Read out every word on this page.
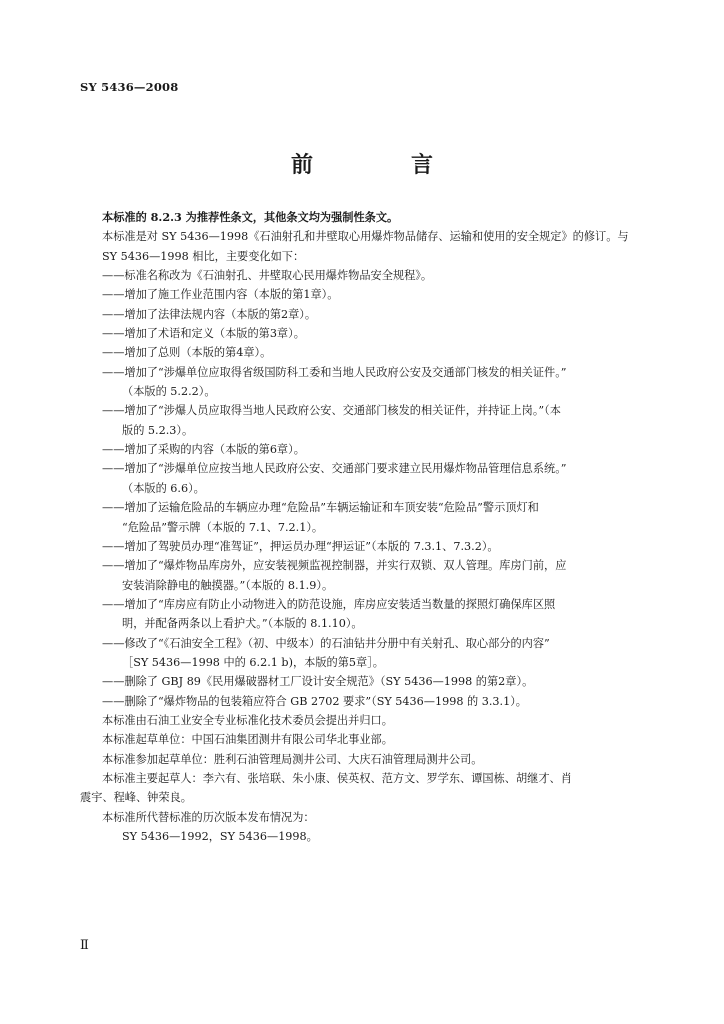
SY 5436—2008
前　言

本标准的 8.2.3 为推荐性条文，其他条文均为强制性条文。

本标准是对 SY 5436—1998《石油射孔和井壁取心用爆炸物品储存、运输和使用的安全规定》的修订。与 SY 5436—1998 相比，主要变化如下：

——标准名称改为《石油射孔、井壁取心民用爆炸物品安全规程》。

——增加了施工作业范围内容（本版的第1章）。

——增加了法律法规内容（本版的第2章）。

——增加了术语和定义（本版的第3章）。

——增加了总则（本版的第4章）。

——增加了“涉爆单位应取得省级国防科工委和当地人民政府公安及交通部门核发的相关证件。”

（本版的 5.2.2）。

——增加了“涉爆人员应取得当地人民政府公安、交通部门核发的相关证件，并持证上岗。”（本

版的 5.2.3）。

——增加了采购的内容（本版的第6章）。

——增加了“涉爆单位应按当地人民政府公安、交通部门要求建立民用爆炸物品管理信息系统。”

（本版的 6.6）。

——增加了运输危险品的车辆应办理“危险品”车辆运输证和车顶安装“危险品”警示顶灯和

“危险品”警示牌（本版的 7.1、7.2.1）。

——增加了驾驶员办理“准驾证”，押运员办理“押运证”（本版的 7.3.1、7.3.2）。

——增加了“爆炸物品库房外，应安装视频监视控制器，并实行双锁、双人管理。库房门前，应

安装消除静电的触摸器。”（本版的 8.1.9）。

——增加了“库房应有防止小动物进入的防范设施，库房应安装适当数量的探照灯确保库区照

明，并配备两条以上看护犬。”（本版的 8.1.10）。

——修改了“《石油安全工程》（初、中级本）的石油钻井分册中有关射孔、取心部分的内容”

［SY 5436—1998 中的 6.2.1 b)，本版的第5章］。

——删除了 GBJ 89《民用爆破器材工厂设计安全规范》（SY 5436—1998 的第2章）。

——删除了“爆炸物品的包装箱应符合 GB 2702 要求”（SY 5436—1998 的 3.3.1）。

本标准由石油工业安全专业标准化技术委员会提出并归口。

本标准起草单位：中国石油集团测井有限公司华北事业部。

本标准参加起草单位：胜利石油管理局测井公司、大庆石油管理局测井公司。

本标准主要起草人：李六有、张培联、朱小康、侯英权、范方文、罗学东、谭国栋、胡继才、肖

震宇、程峰、钟荣良。

本标准所代替标准的历次版本发布情况为：

SY 5436—1992，SY 5436—1998。

Ⅱ
